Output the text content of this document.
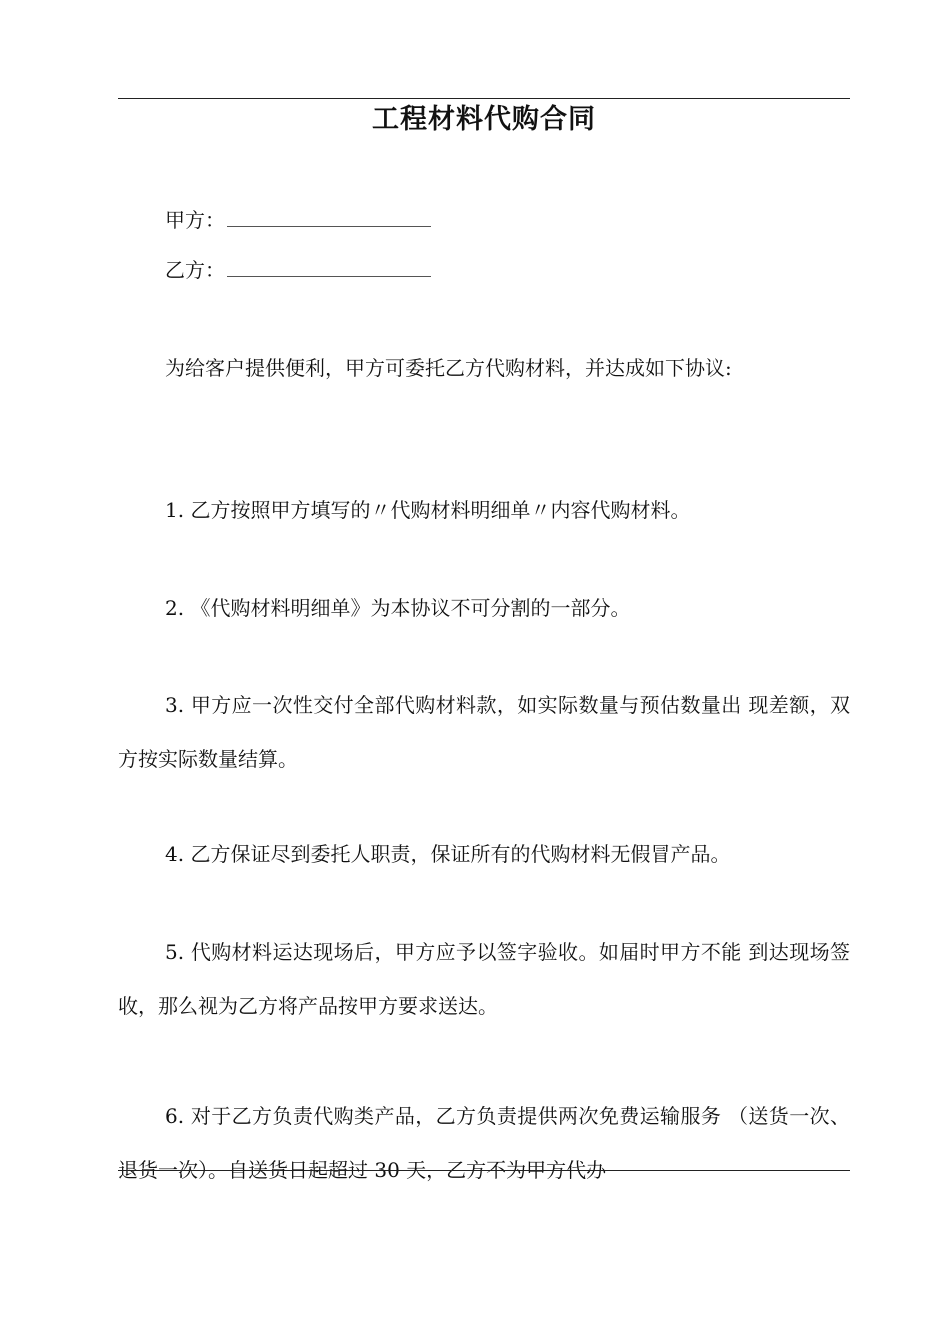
工程材料代购合同
甲方：
乙方：
为给客户提供便利，甲方可委托乙方代购材料，并达成如下协议:
1. 乙方按照甲方填写的〃代购材料明细单〃内容代购材料。
2. 《代购材料明细单》为本协议不可分割的一部分。
3. 甲方应一次性交付全部代购材料款，如实际数量与预估数量出 现差额，双方按实际数量结算。
4. 乙方保证尽到委托人职责，保证所有的代购材料无假冒产品。
5. 代购材料运达现场后，甲方应予以签字验收。如届时甲方不能 到达现场签收，那么视为乙方将产品按甲方要求送达。
6. 对于乙方负责代购类产品，乙方负责提供两次免费运输服务 （送货一次、退货一次）。自送货日起超过 30 天，乙方不为甲方代办
